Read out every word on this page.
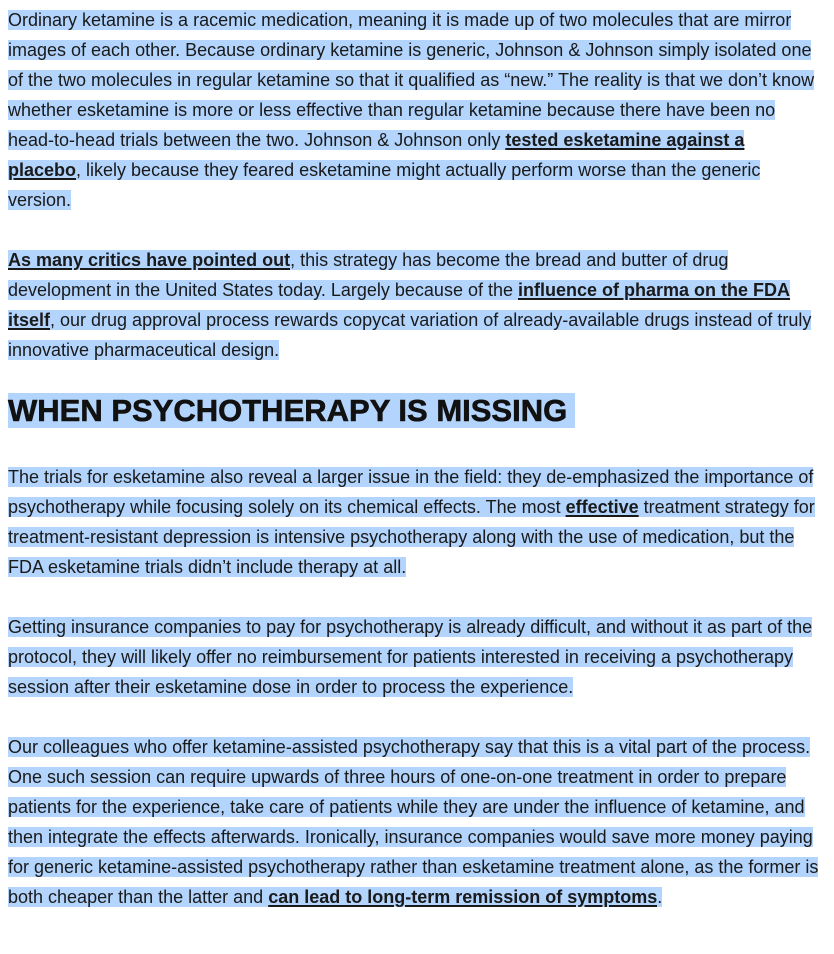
Ordinary ketamine is a racemic medication, meaning it is made up of two molecules that are mirror images of each other. Because ordinary ketamine is generic, Johnson & Johnson simply isolated one of the two molecules in regular ketamine so that it qualified as “new.” The reality is that we don’t know whether esketamine is more or less effective than regular ketamine because there have been no head-to-head trials between the two. Johnson & Johnson only tested esketamine against a placebo, likely because they feared esketamine might actually perform worse than the generic version.

As many critics have pointed out, this strategy has become the bread and butter of drug development in the United States today. Largely because of the influence of pharma on the FDA itself, our drug approval process rewards copycat variation of already-available drugs instead of truly innovative pharmaceutical design.

WHEN PSYCHOTHERAPY IS MISSING

The trials for esketamine also reveal a larger issue in the field: they de-emphasized the importance of psychotherapy while focusing solely on its chemical effects. The most effective treatment strategy for treatment-resistant depression is intensive psychotherapy along with the use of medication, but the FDA esketamine trials didn’t include therapy at all.

Getting insurance companies to pay for psychotherapy is already difficult, and without it as part of the protocol, they will likely offer no reimbursement for patients interested in receiving a psychotherapy session after their esketamine dose in order to process the experience.

Our colleagues who offer ketamine-assisted psychotherapy say that this is a vital part of the process. One such session can require upwards of three hours of one-on-one treatment in order to prepare patients for the experience, take care of patients while they are under the influence of ketamine, and then integrate the effects afterwards. Ironically, insurance companies would save more money paying for generic ketamine-assisted psychotherapy rather than esketamine treatment alone, as the former is both cheaper than the latter and can lead to long-term remission of symptoms.
